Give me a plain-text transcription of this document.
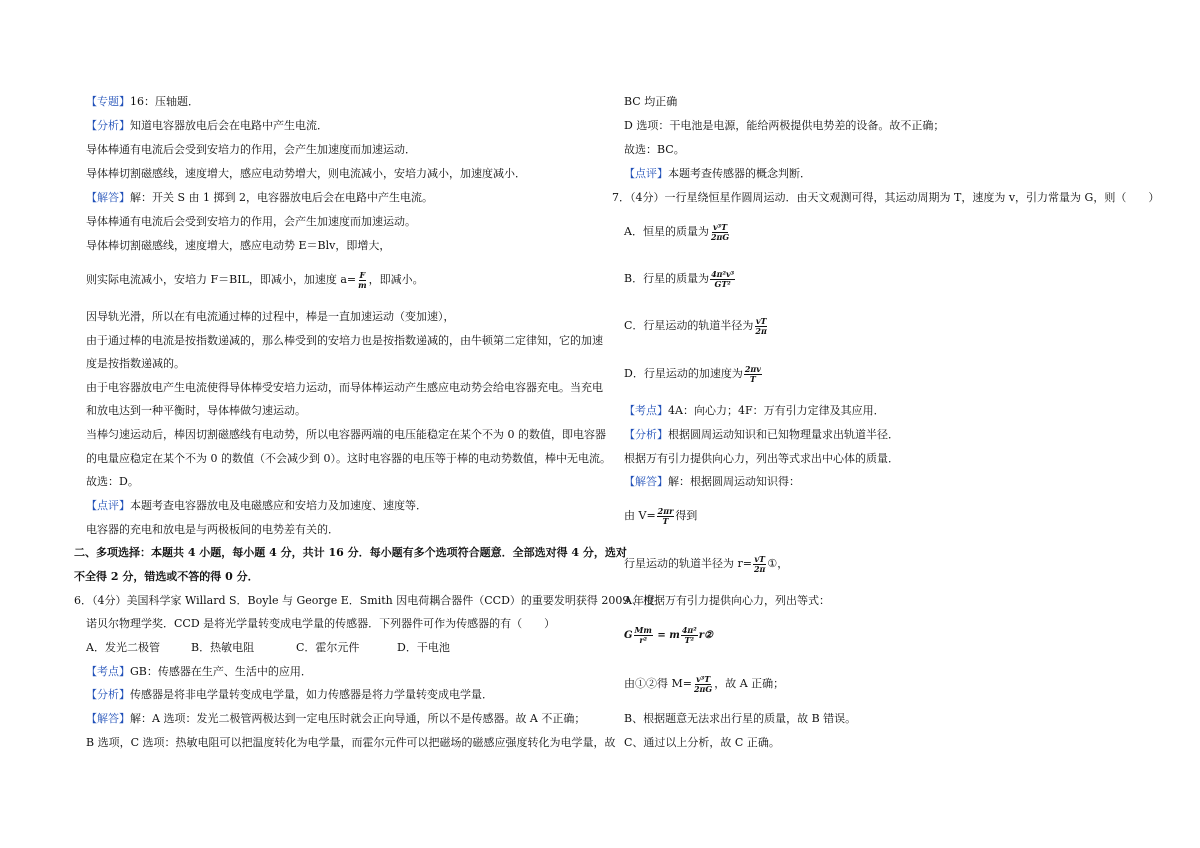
【专题】16：压轴题．
【分析】知道电容器放电后会在电路中产生电流．
导体棒通有电流后会受到安培力的作用，会产生加速度而加速运动．
导体棒切割磁感线，速度增大，感应电动势增大，则电流减小，安培力减小，加速度减小．
【解答】解：开关 S 由 1 掷到 2，电容器放电后会在电路中产生电流。
导体棒通有电流后会受到安培力的作用，会产生加速度而加速运动。
导体棒切割磁感线，速度增大，感应电动势 E＝Blv，即增大，
则实际电流减小，安培力 F＝BIL，即减小，加速度 $a= \frac{F}{m}$ ，即减小。
因导轨光滑，所以在有电流通过棒的过程中，棒是一直加速运动（变加速），
由于通过棒的电流是按指数递减的，那么棒受到的安培力也是按指数递减的，由牛顿第二定律知，它的加速
度是按指数递减的。
由于电容器放电产生电流使得导体棒受安培力运动，而导体棒运动产生感应电动势会给电容器充电。当充电
和放电达到一种平衡时，导体棒做匀速运动。
当棒匀速运动后，棒因切割磁感线有电动势，所以电容器两端的电压能稳定在某个不为 0 的数值，即电容器
的电量应稳定在某个不为 0 的数值（不会减少到 0）。这时电容器的电压等于棒的电动势数值，棒中无电流。
故选：D。
【点评】本题考查电容器放电及电磁感应和安培力及加速度、速度等．
电容器的充电和放电是与两极板间的电势差有关的．
二、多项选择：本题共 4 小题，每小题 4 分，共计 16 分．每小题有多个选项符合题意．全部选对得 4 分，选对
不全得 2 分，错选或不答的得 0 分．
6．（4分）美国科学家 Willard S．Boyle 与 George E．Smith 因电荷耦合器件（CCD）的重要发明获得 2009 年度
诺贝尔物理学奖．CCD 是将光学量转变成电学量的传感器．下列器件可作为传感器的有（　　）
A．发光二极管	B．热敏电阻	C．霍尔元件	D．干电池
【考点】GB：传感器在生产、生活中的应用．
【分析】传感器是将非电学量转变成电学量，如力传感器是将力学量转变成电学量．
【解答】解：A 选项：发光二极管两极达到一定电压时就会正向导通，所以不是传感器。故 A 不正确；
B 选项，C 选项：热敏电阻可以把温度转化为电学量，而霍尔元件可以把磁场的磁感应强度转化为电学量，故
BC 均正确
D 选项：干电池是电源，能给两极提供电势差的设备。故不正确；
故选：BC。
【点评】本题考查传感器的概念判断．
7．（4分）一行星绕恒星作圆周运动．由天文观测可得，其运动周期为 T，速度为 v，引力常量为 G，则（　　）
A．恒星的质量为 $\frac{\text{v³T}}{2\pi G}$
B．行星的质量为 $\frac{\text{4π²v³}}{\text{GT²}}$
C．行星运动的轨道半径为 $\frac{vT}{2\pi}$
D．行星运动的加速度为 $\frac{2\pi v}{T}$
【考点】4A：向心力；4F：万有引力定律及其应用．
【分析】根据圆周运动知识和已知物理量求出轨道半径．
根据万有引力提供向心力，列出等式求出中心体的质量．
【解答】解：根据圆周运动知识得：
由 $V= \frac{2\pi r}{T}$ 得到
行星运动的轨道半径为 $r= \frac{vT}{2\pi}$ ①，
A、根据万有引力提供向心力，列出等式：
G $\frac{Mm}{\text{r²}} = m \frac{\text{4π²}}{\text{T²}}$ r②
由①②得 $M= \frac{\text{v³T}}{2\pi G}$ ，故 A 正确；
B、根据题意无法求出行星的质量，故 B 错误。
C、通过以上分析，故 C 正确。
